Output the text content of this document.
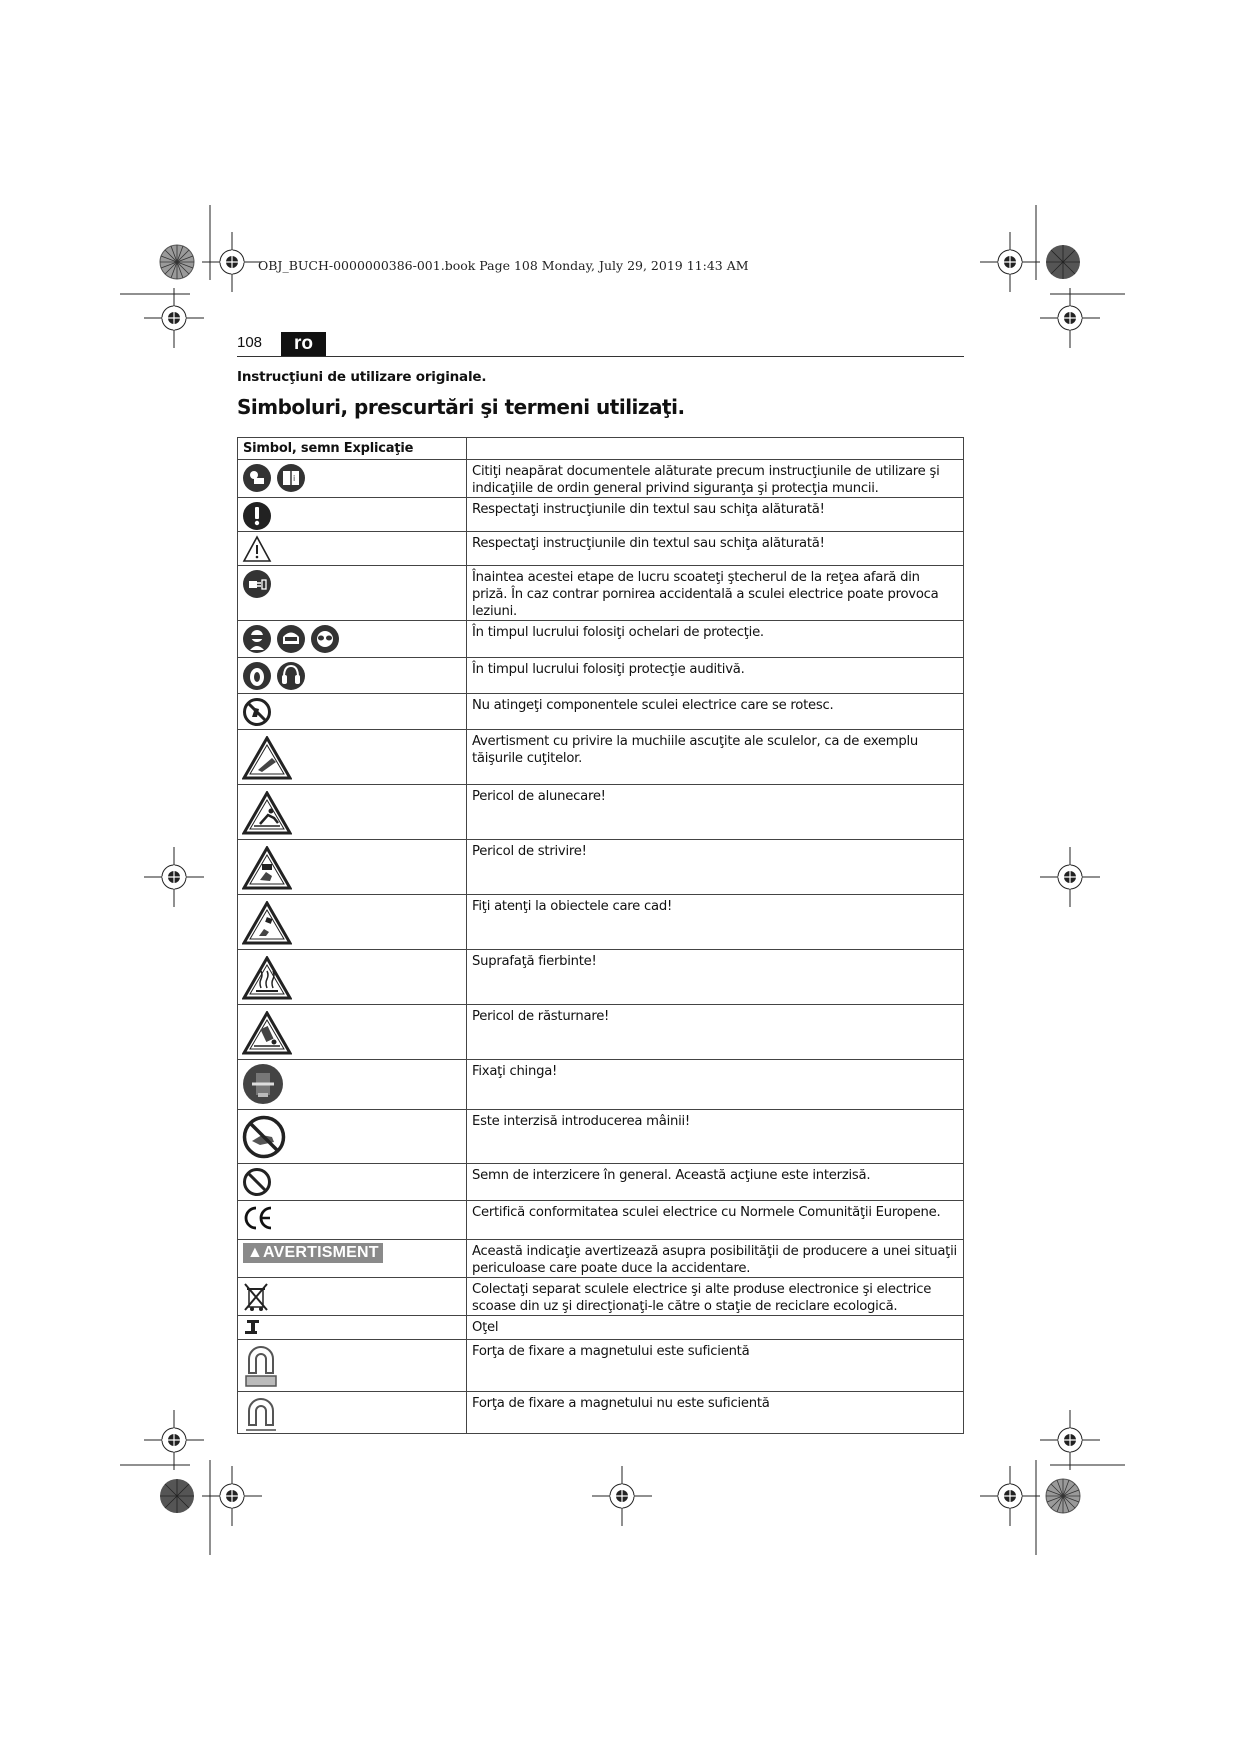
OBJ_BUCH-0000000386-001.book Page 108 Monday, July 29, 2019 11:43 AM
108	ro
Instrucţiuni de utilizare originale.
Simboluri, prescurtări şi termeni utilizaţi.
Simbol, semn Explicaţie	

i	Citiţi neapărat documentele alăturate precum instrucţiunile de utilizare şi indicaţiile de ordin general privind siguranţa şi protecţia muncii.

Respectaţi instrucţiunile din textul sau schiţa alăturată!

Respectaţi instrucţiunile din textul sau schiţa alăturată!

Înaintea acestei etape de lucru scoateţi ştecherul de la reţea afară din priză. În caz contrar pornirea accidentală a sculei electrice poate provoca leziuni.

În timpul lucrului folosiţi ochelari de protecţie.

În timpul lucrului folosiţi protecţie auditivă.

Nu atingeţi componentele sculei electrice care se rotesc.

Avertisment cu privire la muchiile ascuţite ale sculelor, ca de exemplu tăişurile cuţitelor.

Pericol de alunecare!

Pericol de strivire!

Fiţi atenţi la obiectele care cad!

Suprafaţă fierbinte!

Pericol de răsturnare!

Fixaţi chinga!

Este interzisă introducerea mâinii!

Semn de interzicere în general. Această acţiune este interzisă.

Certifică conformitatea sculei electrice cu Normele Comunităţii Europene.

▲AVERTISMENT	Această indicaţie avertizează asupra posibilităţii de producere a unei situaţii periculoase care poate duce la accidentare.

Colectaţi separat sculele electrice şi alte produse electronice şi electrice scoase din uz şi direcţionaţi-le către o staţie de reciclare ecologică.

Oţel

Forţa de fixare a magnetului este suficientă

Forţa de fixare a magnetului nu este suficientă
